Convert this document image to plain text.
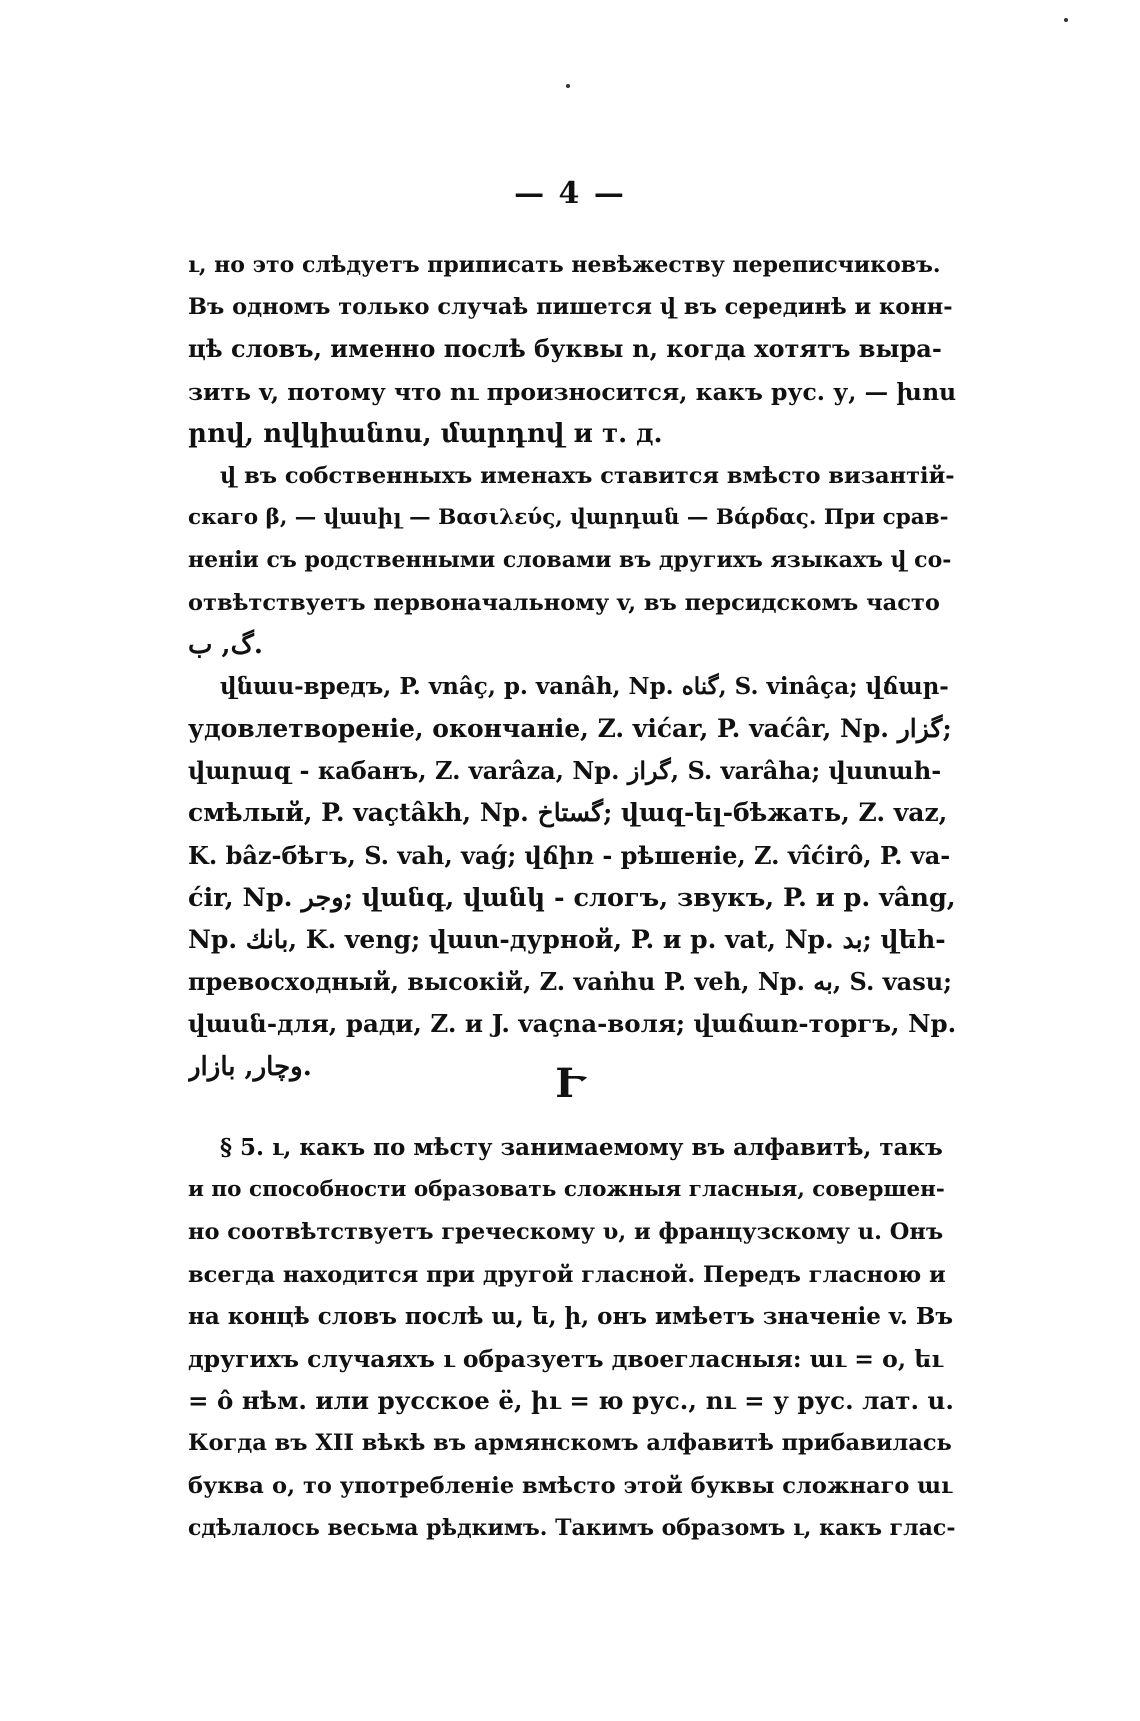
— 4 —
ւ, но это слѣдуетъ приписать невѣжеству переписчиковъ.
Въ одномъ только случаѣ пишется վ въ серединѣ и конн-
цѣ словъ, именно послѣ буквы ո, когда хотятъ выра-
зить v, потому что ու произносится, какъ рус. у, — խոս
րով, ովկիանոս, մարդով и т. д.
վ въ собственныхъ именахъ ставится вмѣсто византій-
скаго β, — վասիլ — Βασιλεύς, վարդան — Βάρδας. При срав-
неніи съ родственными словами въ другихъ языкахъ վ со-
отвѣтствуетъ первоначальному v, въ персидскомъ часто
گ, ب.
վնաս-вредъ, P. vnâç, p. vanâh, Np. گناه, S. vinâça; վճար-
удовлетвореніе, окончаніе, Z. vićar, P. vaćâr, Np. گزار;
վարազ - кабанъ, Z. varâza, Np. گراز, S. varâha; վստահ-
смѣлый, P. vaçtâkh, Np. گستاخ; վազ-ել-бѣжать, Z. vaz,
K. bâz-бѣгъ, S. vah, vaǵ; վճիռ - рѣшеніе, Z. vîćirô, P. va-
ćir, Np. وجر; վանգ, վանկ - слогъ, звукъ, P. и p. vâng,
Np. بانك, K. veng; վատ-дурной, P. и p. vat, Np. بد; վեհ-
превосходный, высокій, Z. vaṅhu P. veh, Np. به, S. vasu;
վասն-для, ради, Z. и J. vaçna-воля; վաճառ-торгъ, Np.
وچار, بازار.	Ւ
§ 5. ւ, какъ по мѣсту занимаемому въ алфавитѣ, такъ
и по способности образовать сложныя гласныя, совершен-
но соотвѣтствуетъ греческому υ, и французскому u. Онъ
всегда находится при другой гласной. Передъ гласною и
на концѣ словъ послѣ ա, ե, ի, онъ имѣетъ значеніе v. Въ
другихъ случаяхъ ւ образуетъ двоегласныя: աւ = о, եւ
= ô нѣм. или русское ё, իւ = ю рус., ու = у рус. лат. u.
Когда въ XII вѣкѣ въ армянскомъ алфавитѣ прибавилась
буква օ, то употребленіе вмѣсто этой буквы сложнаго աւ
сдѣлалось весьма рѣдкимъ. Такимъ образомъ ւ, какъ глас-
